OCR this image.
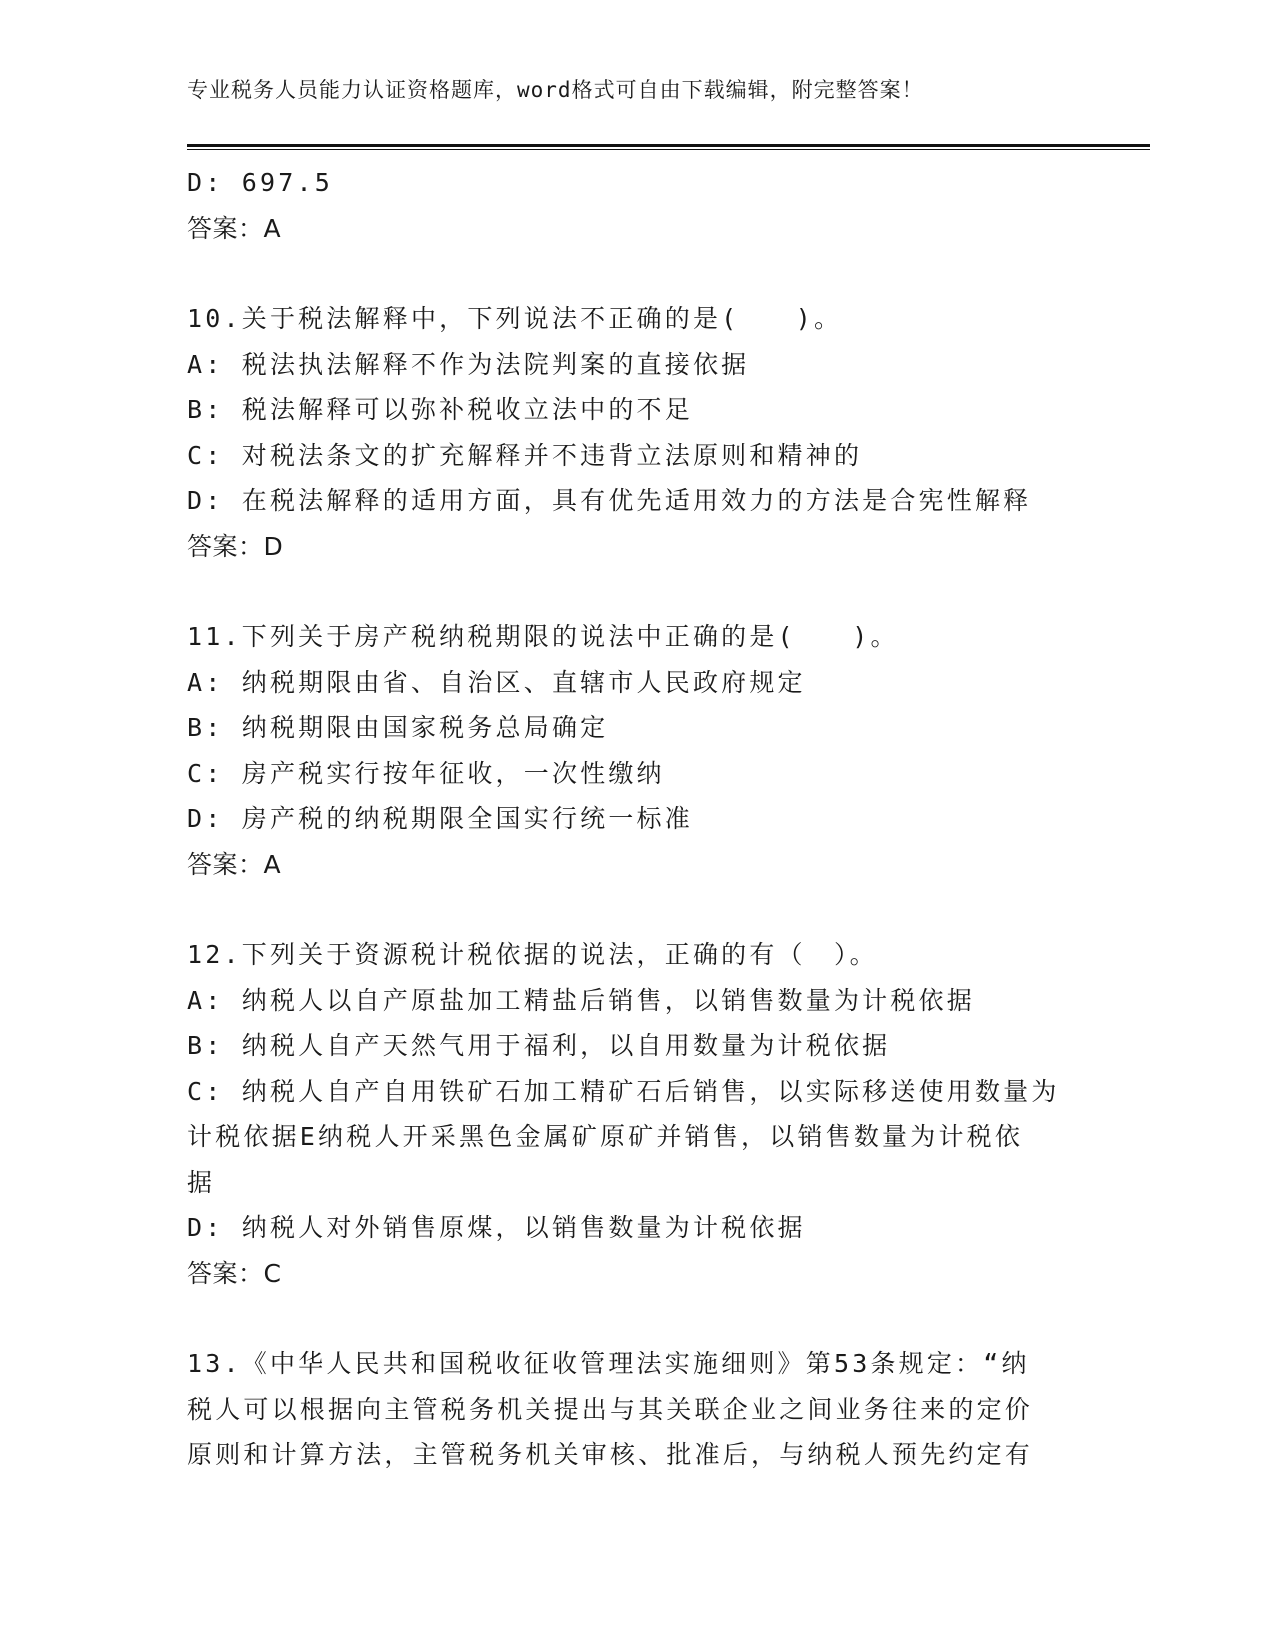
专业税务人员能力认证资格题库，word格式可自由下载编辑，附完整答案！
D: 697.5
答案：A
10.关于税法解释中，下列说法不正确的是(　　)。
A: 税法执法解释不作为法院判案的直接依据
B: 税法解释可以弥补税收立法中的不足
C: 对税法条文的扩充解释并不违背立法原则和精神的
D: 在税法解释的适用方面，具有优先适用效力的方法是合宪性解释
答案：D
11.下列关于房产税纳税期限的说法中正确的是(　　)。
A: 纳税期限由省、自治区、直辖市人民政府规定
B: 纳税期限由国家税务总局确定
C: 房产税实行按年征收，一次性缴纳
D: 房产税的纳税期限全国实行统一标准
答案：A
12.下列关于资源税计税依据的说法，正确的有（　）。
A: 纳税人以自产原盐加工精盐后销售，以销售数量为计税依据
B: 纳税人自产天然气用于福利，以自用数量为计税依据
C: 纳税人自产自用铁矿石加工精矿石后销售，以实际移送使用数量为
计税依据E纳税人开采黑色金属矿原矿并销售，以销售数量为计税依
据
D: 纳税人对外销售原煤，以销售数量为计税依据
答案：C
13.《中华人民共和国税收征收管理法实施细则》第53条规定：“纳
税人可以根据向主管税务机关提出与其关联企业之间业务往来的定价
原则和计算方法，主管税务机关审核、批准后，与纳税人预先约定有
